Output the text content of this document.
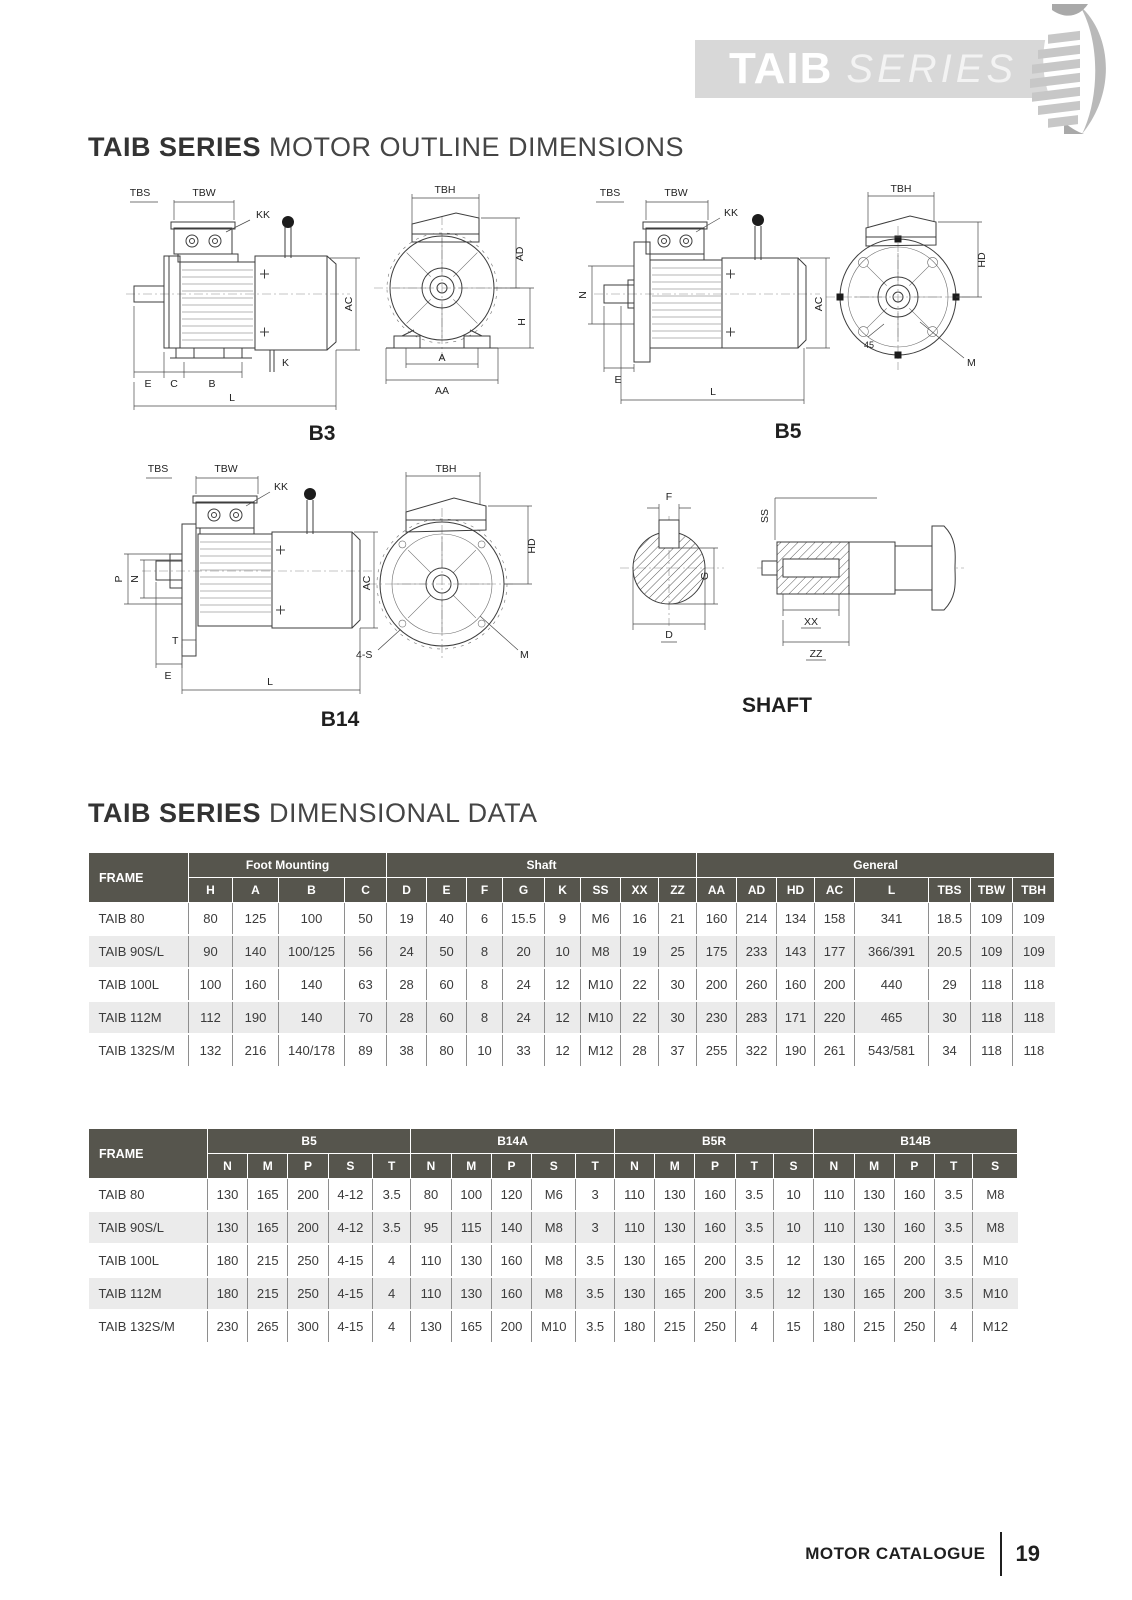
TAIB SERIES
TAIB SERIES MOTOR OUTLINE DIMENSIONS
TBS	TBW
KK
AC
E C	B
K
L
TBH
AD
H
A
AA
B3
TBS	TBW
KK
N
AC
E
L
TBH
HD
45
M
B5
TBS	TBW
KK
P N
T
E
AC
L
TBH
HD
4-S	M
B14
F
G
D
SS
XX
ZZ
SHAFT
TAIB SERIES DIMENSIONAL DATA
FRAME	Foot Mounting				Shaft								General							
	H	A	B	C	D	E	F	G	K	SS	XX	ZZ	AA	AD	HD	AC	L	TBS	TBW	TBH
TAIB 80	80	125	100	50	19	40	6	15.5	9	M6	16	21	160	214	134	158	341	18.5	109	109
TAIB 90S/L	90	140	100/125	56	24	50	8	20	10	M8	19	25	175	233	143	177	366/391	20.5	109	109
TAIB 100L	100	160	140	63	28	60	8	24	12	M10	22	30	200	260	160	200	440	29	118	118
TAIB 112M	112	190	140	70	28	60	8	24	12	M10	22	30	230	283	171	220	465	30	118	118
TAIB 132S/M	132	216	140/178	89	38	80	10	33	12	M12	28	37	255	322	190	261	543/581	34	118	118
FRAME	B5					B14A					B5R					B14B				
	N	M	P	S	T	N	M	P	S	T	N	M	P	T	S	N	M	P	T	S
TAIB 80	130	165	200	4-12	3.5	80	100	120	M6	3	110	130	160	3.5	10	110	130	160	3.5	M8
TAIB 90S/L	130	165	200	4-12	3.5	95	115	140	M8	3	110	130	160	3.5	10	110	130	160	3.5	M8
TAIB 100L	180	215	250	4-15	4	110	130	160	M8	3.5	130	165	200	3.5	12	130	165	200	3.5	M10
TAIB 112M	180	215	250	4-15	4	110	130	160	M8	3.5	130	165	200	3.5	12	130	165	200	3.5	M10
TAIB 132S/M	230	265	300	4-15	4	130	165	200	M10	3.5	180	215	250	4	15	180	215	250	4	M12
MOTOR CATALOGUE 19
